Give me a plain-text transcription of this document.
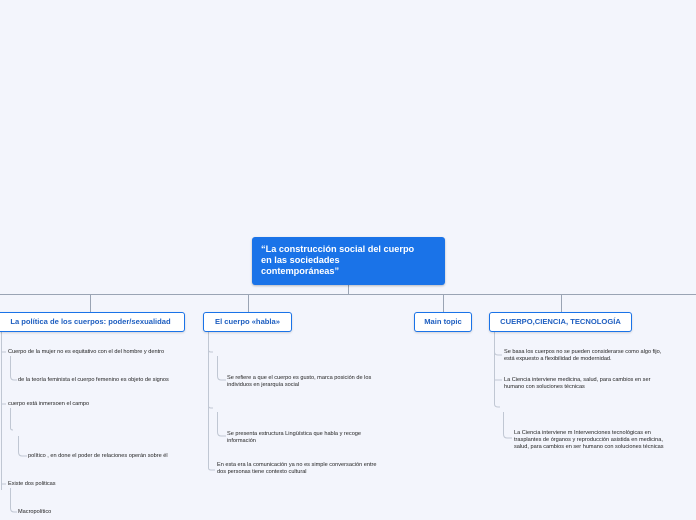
“La construcción social del cuerpo
en las sociedades
contemporáneas”
La política de los cuerpos: poder/sexualidad	El cuerpo «habla»	Main topic	CUERPO,CIENCIA, TECNOLOGÍA
Cuerpo de la mujer no es equitativo con el del hombre y dentro
de la teoría feminista el cuerpo femenino es objeto de signos
cuerpo está inmersoen el campo
político , en done el poder de relaciones operán sobre él
Existe dos politicas
Macropolítico
Se refiere a que el cuerpo es gusto, marca posición de los
individuos en jerarquía social
Se presenta estructura Lingüística que habla y recoge
información
En esta era la comunicación ya no es simple conversación entre
dos personas tiene contexto cultural
Se basa los cuerpos no se pueden considerarse como algo fijo,
está expuesto a flexibilidad de modernidad.
La Ciencia interviene medicina, salud, para cambios en ser
humano con soluciones técnicas
La Ciencia interviene m Intervenciones tecnológicas en
trasplantes de órganos y reproducción asistida en medicina,
salud, para cambios en ser humano con soluciones técnicas
